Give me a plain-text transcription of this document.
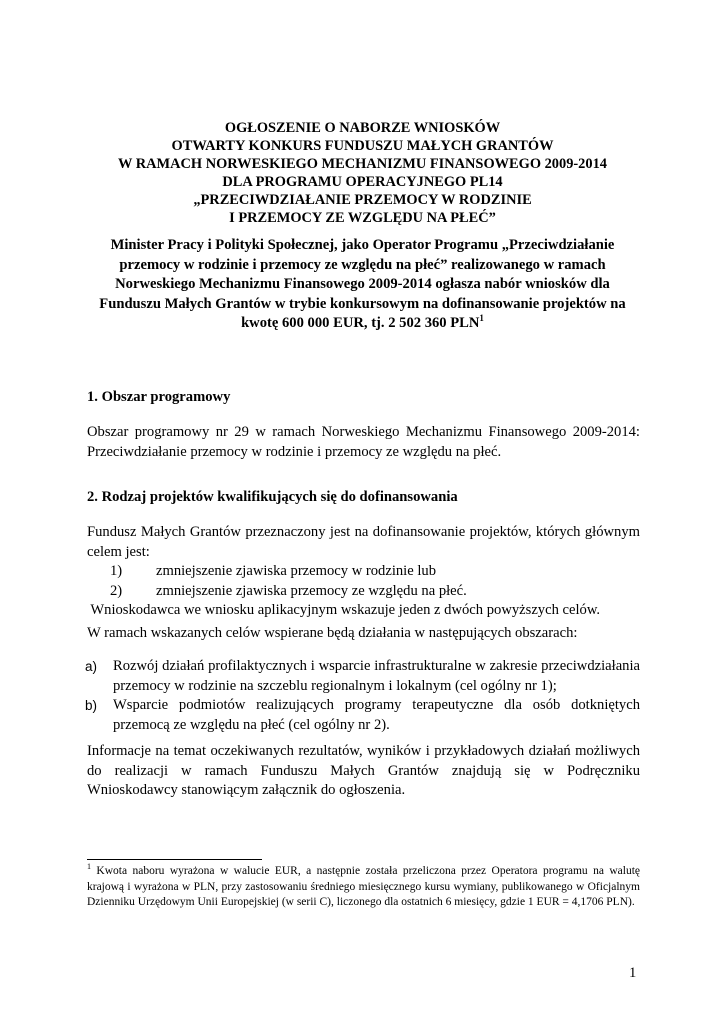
OGŁOSZENIE O NABORZE WNIOSKÓW
OTWARTY KONKURS FUNDUSZU MAŁYCH GRANTÓW
W RAMACH NORWESKIEGO MECHANIZMU FINANSOWEGO 2009-2014
DLA PROGRAMU OPERACYJNEGO PL14
„PRZECIWDZIAŁANIE PRZEMOCY W RODZINIE
I PRZEMOCY ZE WZGLĘDU NA PŁEĆ”
Minister Pracy i Polityki Społecznej, jako Operator Programu „Przeciwdziałanie
przemocy w rodzinie i przemocy ze względu na płeć” realizowanego w ramach
Norweskiego Mechanizmu Finansowego 2009-2014 ogłasza nabór wniosków dla
Funduszu Małych Grantów w trybie konkursowym na dofinansowanie projektów na
kwotę 600 000 EUR, tj. 2 502 360 PLN$^1$
1. Obszar programowy
Obszar programowy nr 29 w ramach Norweskiego Mechanizmu Finansowego 2009-2014: Przeciwdziałanie przemocy w rodzinie i przemocy ze względu na płeć.
2. Rodzaj projektów kwalifikujących się do dofinansowania
Fundusz Małych Grantów przeznaczony jest na dofinansowanie projektów, których głównym celem jest:
1) zmniejszenie zjawiska przemocy w rodzinie lub
2) zmniejszenie zjawiska przemocy ze względu na płeć.
Wnioskodawca we wniosku aplikacyjnym wskazuje jeden z dwóch powyższych celów.
W ramach wskazanych celów wspierane będą działania w następujących obszarach:
a) Rozwój działań profilaktycznych i wsparcie infrastrukturalne w zakresie przeciwdziałania przemocy w rodzinie na szczeblu regionalnym i lokalnym (cel ogólny nr 1);
b) Wsparcie podmiotów realizujących programy terapeutyczne dla osób dotkniętych przemocą ze względu na płeć (cel ogólny nr 2).
Informacje na temat oczekiwanych rezultatów, wyników i przykładowych działań możliwych do realizacji w ramach Funduszu Małych Grantów znajdują się w Podręczniku Wnioskodawcy stanowiącym załącznik do ogłoszenia.
$^1$ Kwota naboru wyrażona w walucie EUR, a następnie została przeliczona przez Operatora programu na walutę krajową i wyrażona w PLN, przy zastosowaniu średniego miesięcznego kursu wymiany, publikowanego w Oficjalnym Dzienniku Urzędowym Unii Europejskiej (w serii C), liczonego dla ostatnich 6 miesięcy, gdzie 1 EUR = 4,1706 PLN).
1
